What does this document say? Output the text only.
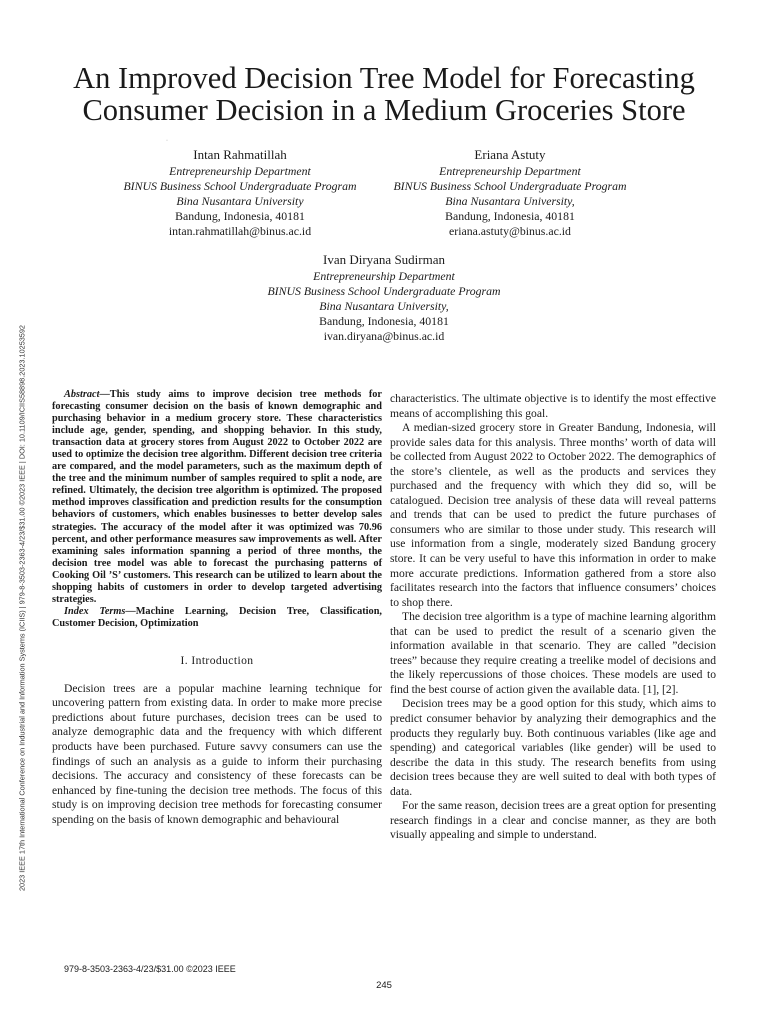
An Improved Decision Tree Model for Forecasting Consumer Decision in a Medium Groceries Store
·
Intan Rahmatillah
Entrepreneurship Department
BINUS Business School Undergraduate Program
Bina Nusantara University
Bandung, Indonesia, 40181
intan.rahmatillah@binus.ac.id
Eriana Astuty
Entrepreneurship Department
BINUS Business School Undergraduate Program
Bina Nusantara University,
Bandung, Indonesia, 40181
eriana.astuty@binus.ac.id
Ivan Diryana Sudirman
Entrepreneurship Department
BINUS Business School Undergraduate Program
Bina Nusantara University,
Bandung, Indonesia, 40181
ivan.diryana@binus.ac.id
2023 IEEE 17th International Conference on Industrial and Information Systems (ICIIS) | 979-8-3503-2363-4/23/$31.00 ©2023 IEEE | DOI: 10.1109/ICIIS58898.2023.10253592	Abstract—This study aims to improve decision tree methods for forecasting consumer decision on the basis of known demographic and purchasing behavior in a medium grocery store. These characteristics include age, gender, spending, and shopping behavior. In this study, transaction data at grocery stores from August 2022 to October 2022 are used to optimize the decision tree algorithm. Different decision tree criteria are compared, and the model parameters, such as the maximum depth of the tree and the minimum number of samples required to split a node, are refined. Ultimately, the decision tree algorithm is optimized. The proposed method improves classification and prediction results for the consumption behaviors of customers, which enables businesses to better develop sales strategies. The accuracy of the model after it was optimized was 70.96 percent, and other performance measures saw improvements as well. After examining sales information spanning a period of three months, the decision tree model was able to forecast the purchasing patterns of Cooking Oil ’S’ customers. This research can be utilized to learn about the shopping habits of customers in order to develop targeted advertising strategies.

Index Terms—Machine Learning, Decision Tree, Classification, Customer Decision, Optimization

I. Introduction

Decision trees are a popular machine learning technique for uncovering pattern from existing data. In order to make more precise predictions about future purchases, decision trees can be used to analyze demographic data and the frequency with which different products have been purchased. Future savvy consumers can use the findings of such an analysis as a guide to inform their purchasing decisions. The accuracy and consistency of these forecasts can be enhanced by fine-tuning the decision tree methods. The focus of this study is on improving decision tree methods for forecasting consumer spending on the basis of known demographic and behavioural

characteristics. The ultimate objective is to identify the most effective means of accomplishing this goal.

A median-sized grocery store in Greater Bandung, Indonesia, will provide sales data for this analysis. Three months’ worth of data will be collected from August 2022 to October 2022. The demographics of the store’s clientele, as well as the products and services they purchased and the frequency with which they did so, will be catalogued. Decision tree analysis of these data will reveal patterns and trends that can be used to predict the future purchases of consumers who are similar to those under study. This research will use information from a single, moderately sized Bandung grocery store. It can be very useful to have this information in order to make more accurate predictions. Information gathered from a store also facilitates research into the factors that influence consumers’ choices to shop there.

The decision tree algorithm is a type of machine learning algorithm that can be used to predict the result of a scenario given the information available in that scenario. They are called ”decision trees” because they require creating a treelike model of decisions and the likely repercussions of those choices. These models are used to find the best course of action given the available data. [1], [2].

Decision trees may be a good option for this study, which aims to predict consumer behavior by analyzing their demographics and the products they regularly buy. Both continuous variables (like age and spending) and categorical variables (like gender) will be used to describe the data in this study. The research benefits from using decision trees because they are well suited to deal with both types of data.

For the same reason, decision trees are a great option for presenting research findings in a clear and concise manner, as they are both visually appealing and simple to understand.

979-8-3503-2363-4/23/$31.00 ©2023 IEEE
245
